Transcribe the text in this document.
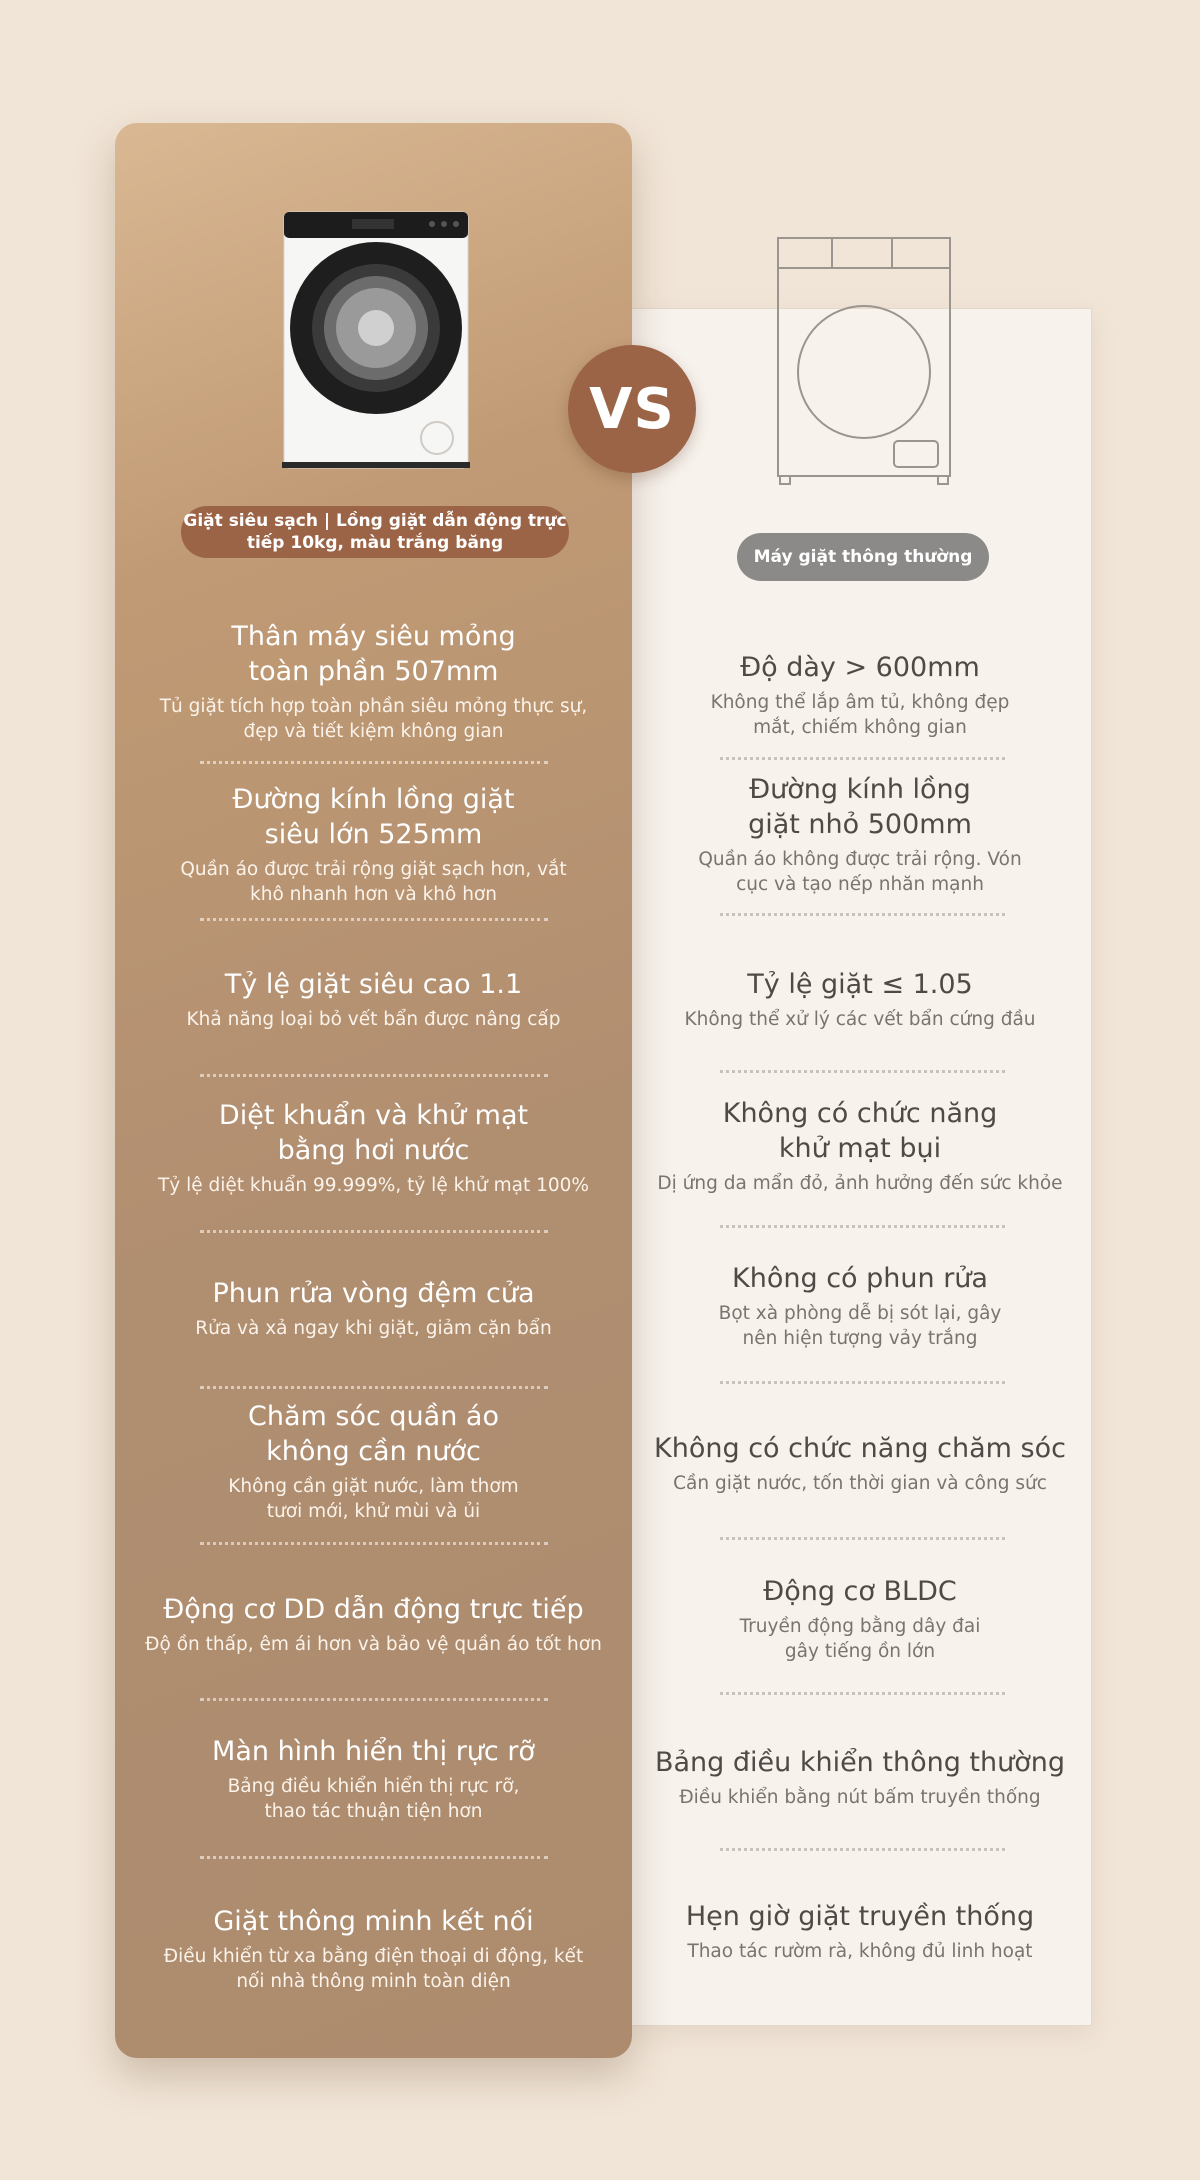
VS
Giặt siêu sạch | Lồng giặt dẫn động trực tiếp 10kg, màu trắng băng
Máy giặt thông thường
Thân máy siêu mỏng toàn phần 507mm
Tủ giặt tích hợp toàn phần siêu mỏng thực sự, đẹp và tiết kiệm không gian
Đường kính lồng giặt siêu lớn 525mm
Quần áo được trải rộng giặt sạch hơn, vắt khô nhanh hơn và khô hơn
Tỷ lệ giặt siêu cao 1.1
Khả năng loại bỏ vết bẩn được nâng cấp
Diệt khuẩn và khử mạt bằng hơi nước
Tỷ lệ diệt khuẩn 99.999%, tỷ lệ khử mạt 100%
Phun rửa vòng đệm cửa
Rửa và xả ngay khi giặt, giảm cặn bẩn
Chăm sóc quần áo không cần nước
Không cần giặt nước, làm thơm tươi mới, khử mùi và ủi
Động cơ DD dẫn động trực tiếp
Độ ồn thấp, êm ái hơn và bảo vệ quần áo tốt hơn
Màn hình hiển thị rực rỡ
Bảng điều khiển hiển thị rực rỡ, thao tác thuận tiện hơn
Giặt thông minh kết nối
Điều khiển từ xa bằng điện thoại di động, kết nối nhà thông minh toàn diện
Độ dày > 600mm
Không thể lắp âm tủ, không đẹp mắt, chiếm không gian
Đường kính lồng giặt nhỏ 500mm
Quần áo không được trải rộng. Vón cục và tạo nếp nhăn mạnh
Tỷ lệ giặt ≤ 1.05
Không thể xử lý các vết bẩn cứng đầu
Không có chức năng khử mạt bụi
Dị ứng da mẩn đỏ, ảnh hưởng đến sức khỏe
Không có phun rửa
Bọt xà phòng dễ bị sót lại, gây nên hiện tượng vảy trắng
Không có chức năng chăm sóc
Cần giặt nước, tốn thời gian và công sức
Động cơ BLDC
Truyền động bằng dây đai gây tiếng ồn lớn
Bảng điều khiển thông thường
Điều khiển bằng nút bấm truyền thống
Hẹn giờ giặt truyền thống
Thao tác rườm rà, không đủ linh hoạt
